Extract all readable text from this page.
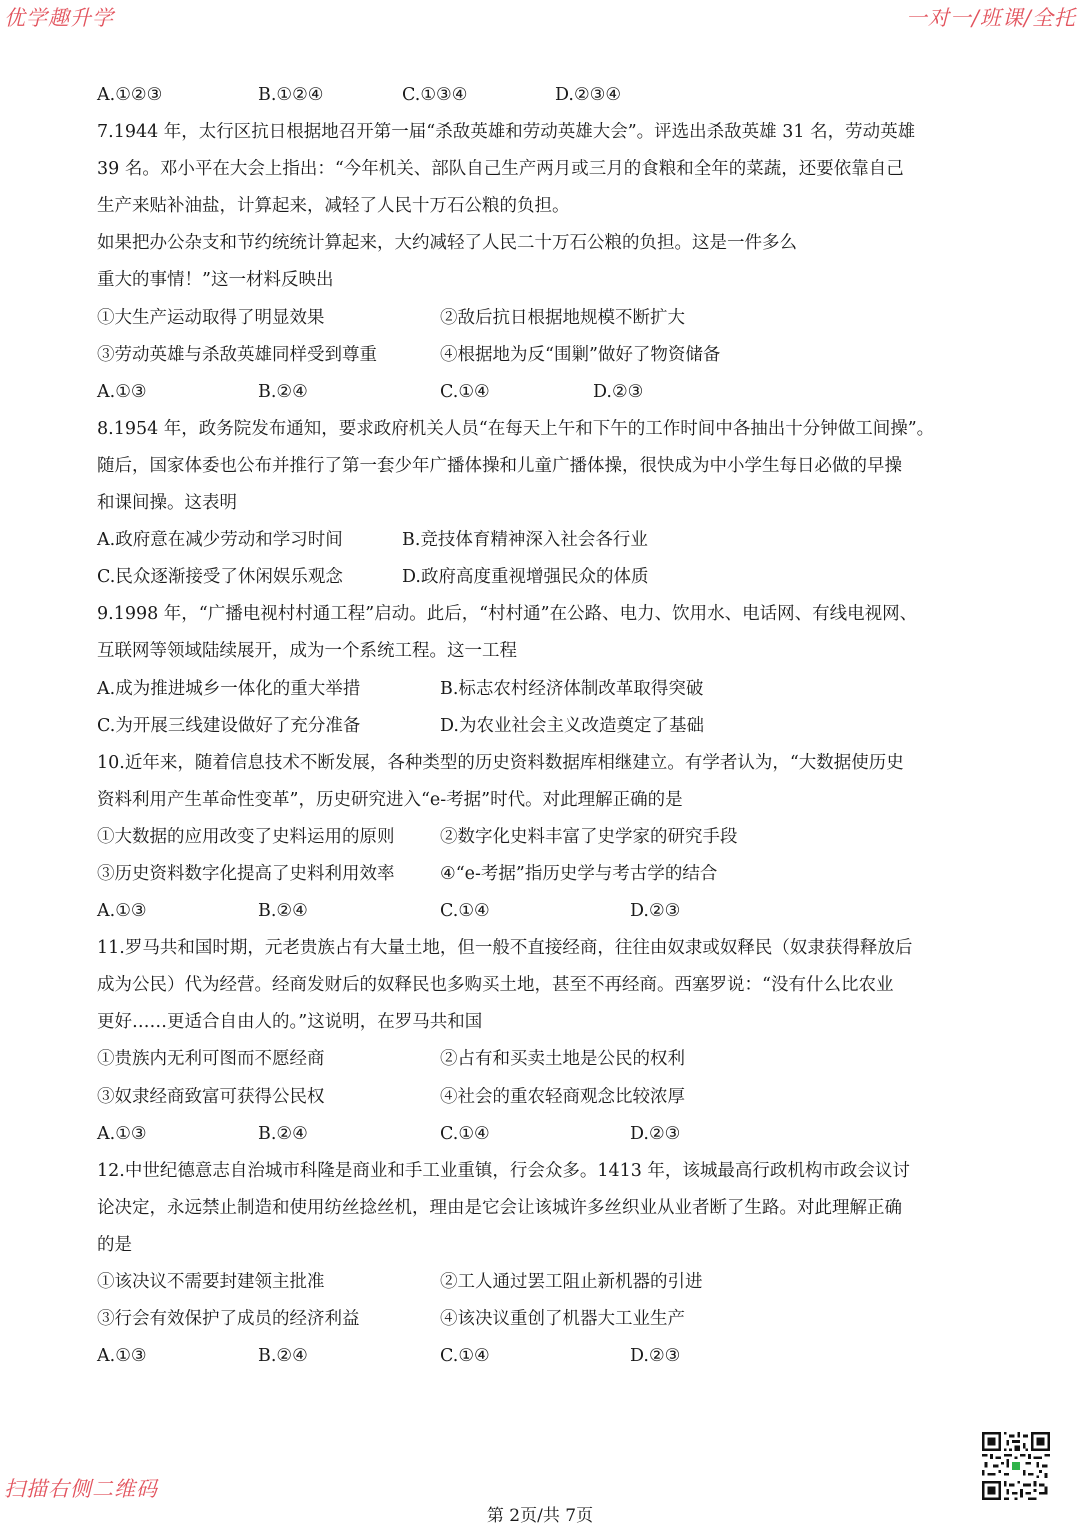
优学趣升学	一对一/班课/全托
A.①②③	B.①②④	C.①③④	D.②③④
7.1944 年，太行区抗日根据地召开第一届“杀敌英雄和劳动英雄大会”。评选出杀敌英雄 31 名，劳动英雄
39 名。邓小平在大会上指出：“今年机关、部队自己生产两月或三月的食粮和全年的菜蔬，还要依靠自己
生产来贴补油盐，计算起来，减轻了人民十万石公粮的负担。
如果把办公杂支和节约统统计算起来，大约减轻了人民二十万石公粮的负担。这是一件多么
重大的事情！”这一材料反映出
①大生产运动取得了明显效果	②敌后抗日根据地规模不断扩大
③劳动英雄与杀敌英雄同样受到尊重	④根据地为反“围剿”做好了物资储备
A.①③	B.②④	C.①④	D.②③
8.1954 年，政务院发布通知，要求政府机关人员“在每天上午和下午的工作时间中各抽出十分钟做工间操”。
随后，国家体委也公布并推行了第一套少年广播体操和儿童广播体操，很快成为中小学生每日必做的早操
和课间操。这表明
A.政府意在减少劳动和学习时间	B.竞技体育精神深入社会各行业
C.民众逐渐接受了休闲娱乐观念	D.政府高度重视增强民众的体质
9.1998 年，“广播电视村村通工程”启动。此后，“村村通”在公路、电力、饮用水、电话网、有线电视网、
互联网等领域陆续展开，成为一个系统工程。这一工程
A.成为推进城乡一体化的重大举措	B.标志农村经济体制改革取得突破
C.为开展三线建设做好了充分准备	D.为农业社会主义改造奠定了基础
10.近年来，随着信息技术不断发展，各种类型的历史资料数据库相继建立。有学者认为，“大数据使历史
资料利用产生革命性变革”，历史研究进入“e-考据”时代。对此理解正确的是
①大数据的应用改变了史料运用的原则	②数字化史料丰富了史学家的研究手段
③历史资料数字化提高了史料利用效率	④“e-考据”指历史学与考古学的结合
A.①③	B.②④	C.①④	D.②③
11.罗马共和国时期，元老贵族占有大量土地，但一般不直接经商，往往由奴隶或奴释民（奴隶获得释放后
成为公民）代为经营。经商发财后的奴释民也多购买土地，甚至不再经商。西塞罗说：“没有什么比农业
更好……更适合自由人的。”这说明，在罗马共和国
①贵族内无利可图而不愿经商	②占有和买卖土地是公民的权利
③奴隶经商致富可获得公民权	④社会的重农轻商观念比较浓厚
A.①③	B.②④	C.①④	D.②③
12.中世纪德意志自治城市科隆是商业和手工业重镇，行会众多。1413 年，该城最高行政机构市政会议讨
论决定，永远禁止制造和使用纺丝捻丝机，理由是它会让该城许多丝织业从业者断了生路。对此理解正确
的是
①该决议不需要封建领主批准	②工人通过罢工阻止新机器的引进
③行会有效保护了成员的经济利益	④该决议重创了机器大工业生产
A.①③	B.②④	C.①④	D.②③
扫描右侧二维码
第 2页/共 7页
